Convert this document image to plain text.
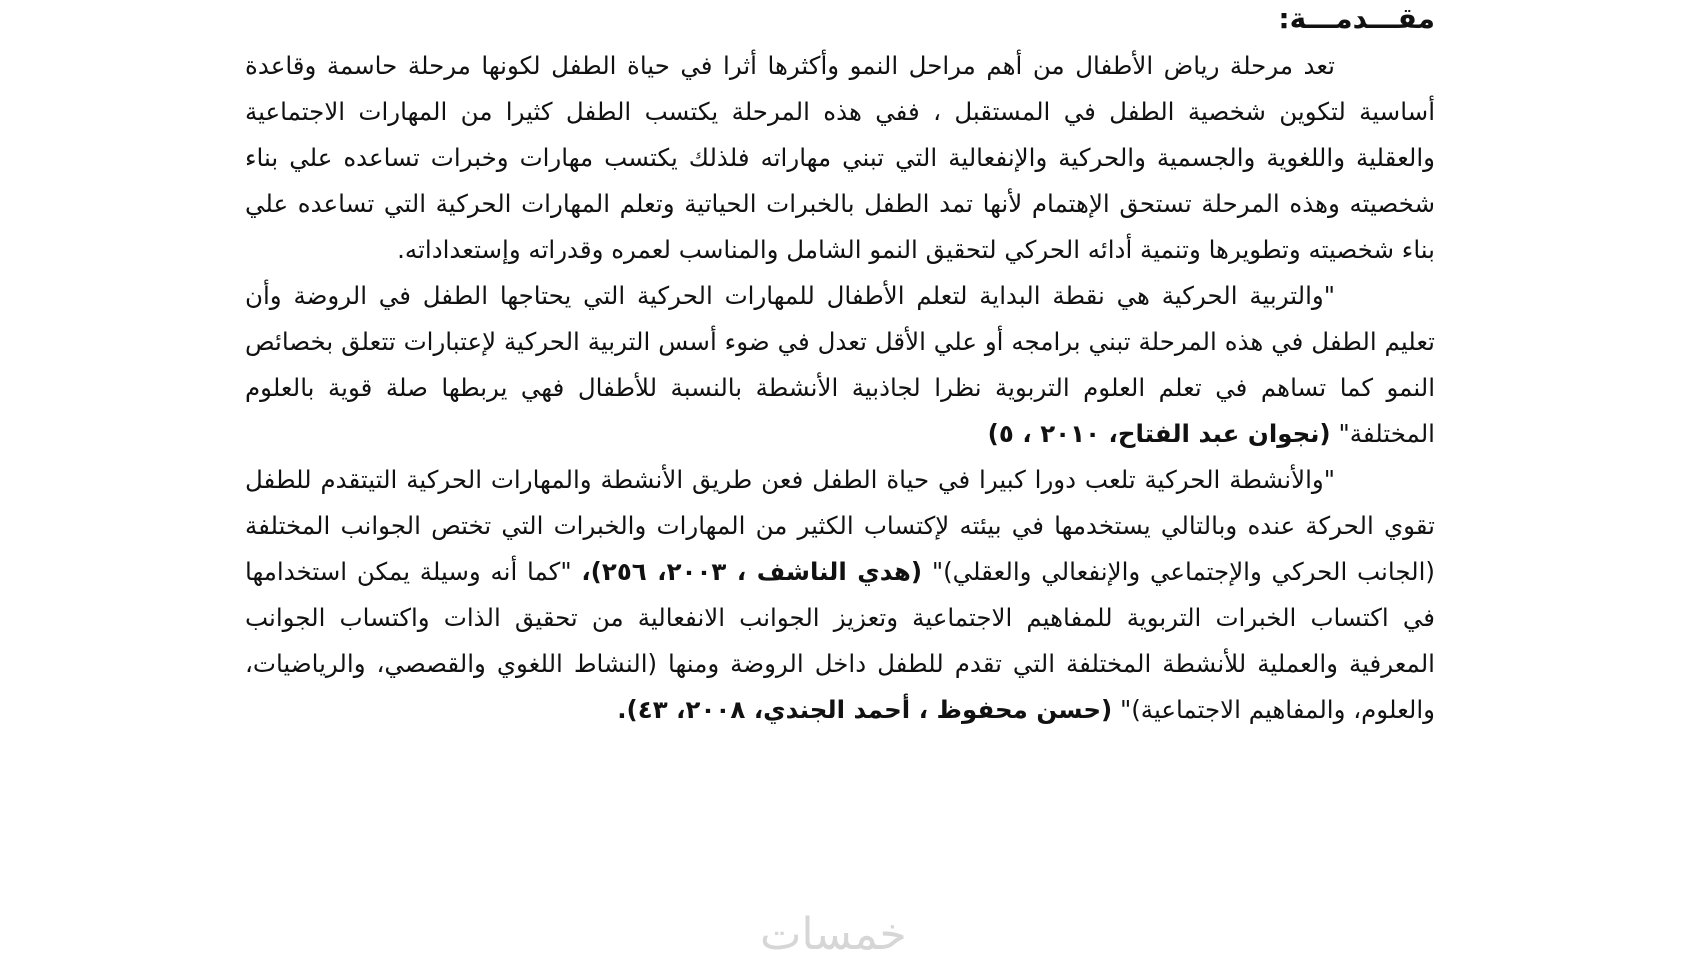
مقـــدمـــة:

تعد مرحلة رياض الأطفال من أهم مراحل النمو وأكثرها أثرا في حياة الطفل لكونها مرحلة حاسمة وقاعدة أساسية لتكوين شخصية الطفل في المستقبل ، ففي هذه المرحلة يكتسب الطفل كثيرا من المهارات الاجتماعية والعقلية واللغوية والجسمية والحركية والإنفعالية التي تبني مهاراته فلذلك يكتسب مهارات وخبرات تساعده علي بناء شخصيته وهذه المرحلة تستحق الإهتمام لأنها تمد الطفل بالخبرات الحياتية وتعلم المهارات الحركية التي تساعده علي بناء شخصيته وتطويرها وتنمية أدائه الحركي لتحقيق النمو الشامل والمناسب لعمره وقدراته وإستعداداته.

"والتربية الحركية هي نقطة البداية لتعلم الأطفال للمهارات الحركية التي يحتاجها الطفل في الروضة وأن تعليم الطفل في هذه المرحلة تبني برامجه أو علي الأقل تعدل في ضوء أسس التربية الحركية لإعتبارات تتعلق بخصائص النمو كما تساهم في تعلم العلوم التربوية نظرا لجاذبية الأنشطة بالنسبة للأطفال فهي يربطها صلة قوية بالعلوم المختلفة" (نجوان عبد الفتاح، ٢٠١٠ ، ٥)

"والأنشطة الحركية تلعب دورا كبيرا في حياة الطفل فعن طريق الأنشطة والمهارات الحركية التيتقدم للطفل تقوي الحركة عنده وبالتالي يستخدمها في بيئته لإكتساب الكثير من المهارات والخبرات التي تختص الجوانب المختلفة (الجانب الحركي والإجتماعي والإنفعالي والعقلي)" (هدي الناشف ، ٢٠٠٣، ٢٥٦)، "كما أنه وسيلة يمكن استخدامها في اكتساب الخبرات التربوية للمفاهيم الاجتماعية وتعزيز الجوانب الانفعالية من تحقيق الذات واكتساب الجوانب المعرفية والعملية للأنشطة المختلفة التي تقدم للطفل داخل الروضة ومنها (النشاط اللغوي والقصصي، والرياضيات، والعلوم، والمفاهيم الاجتماعية)" (حسن محفوظ ، أحمد الجندي، ٢٠٠٨، ٤٣).

خمسات
